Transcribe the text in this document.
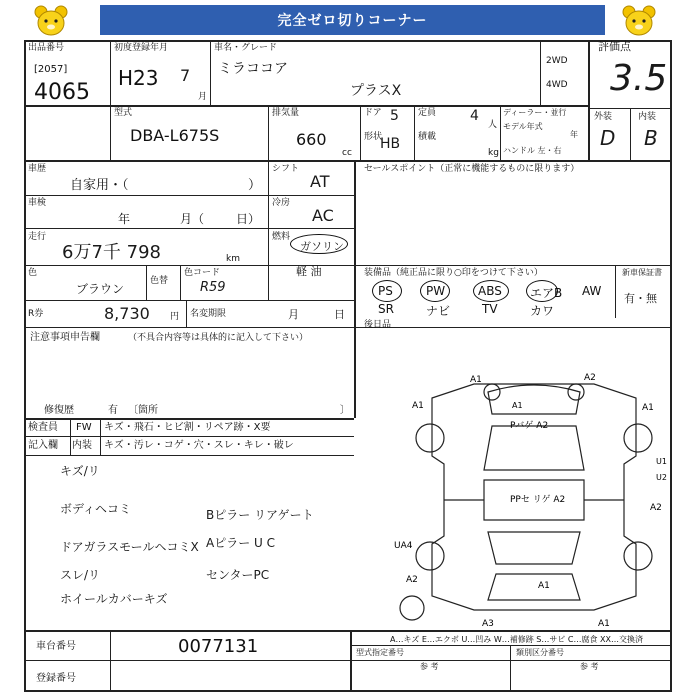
完全ゼロ切りコーナー
出品番号
[2057]
4065
初度登録年月
H23 7
月
車名・グレード
ミラココア
プラスX
2WD
4WD
評価点
3.5
外装	内装
D B
型式
DBA-L675S
排気量
660
cc
ドア 5
形状
HB
定員 4
人
積載
kg
ディーラー・並行
モデル年式
年
ハンドル 左・右
車歴
自家用・（	）
シフト
AT
車検
年	月（	日）
冷房
AC
走行
6万7千 798	km
燃料
ガソリン
軽 油
色
ブラウン
色替
色コード
R59
R券	8,730 円 名変期限	月	日
セールスポイント（正常に機能するものに限ります）
装備品（純正品に限り○印をつけて下さい）
PS	PW	ABS エアB AW
SR	ナビ	TV	カワ
新車保証書
有・無
後日品
注意事項申告欄	（不具合内容等は具体的に記入して下さい）
修復歴	有 〔箇所	〕
検査員
記入欄
FW キズ・飛石・ヒビ割・リペア跡・X要
内装 キズ・汚レ・コゲ・穴・スレ・キレ・破レ
キズ/リ
ボディヘコミ
ドアガラスモールヘコミX
スレ/リ
ホイールカバーキズ
Bピラー リアゲート
Aピラー U C
センターPC
A1	A2
A1	A1
A1
Pバゲ A2
PPセ リゲ A2
U1
U2
A2
UA4
A2
A1
A3	A1
A…キズ E…エクボ U…凹み W…補修跡 S…サビ C…腐食 XX…交換済
車台番号	0077131
登録番号
型式指定番号
参 考
類別区分番号
参 考
